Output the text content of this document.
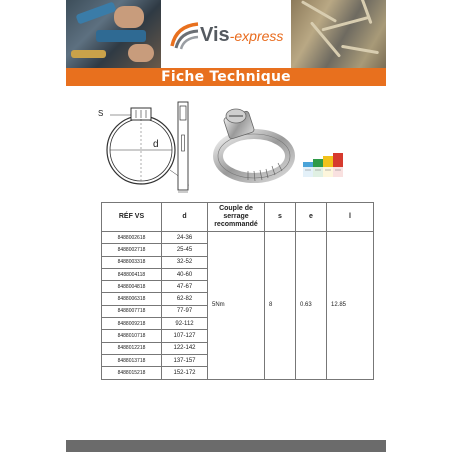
Vis-express
Fiche Technique
S
d
RÉF VS	d	Couple de serrage recommandé	s	e	l
8488002618	24-36	5Nm	8	0.63	12.85
8488002718	25-45				
8488003318	32-52				
8488004118	40-60				
8488004818	47-67				
8488006318	62-82				
8488007718	77-97				
8488009218	92-112				
8488010718	107-127				
8488012218	122-142				
8488013718	137-157				
8488015218	152-172				
